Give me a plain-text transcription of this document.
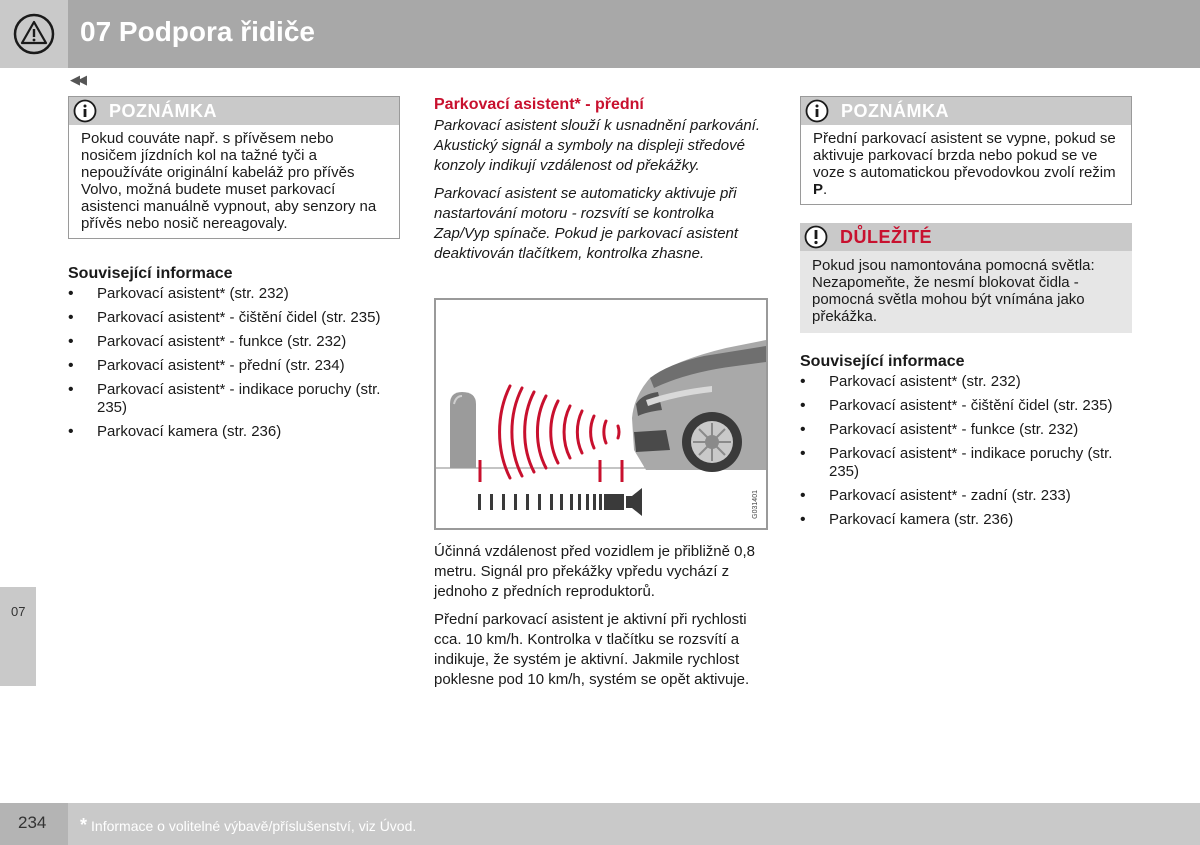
07 Podpora řidiče
◀◀
07
POZNÁMKA
Pokud couváte např. s přívěsem nebo nosičem jízdních kol na tažné tyči a nepoužíváte originální kabeláž pro přívěs Volvo, možná budete muset parkovací asistenci manuálně vypnout, aby senzory na přívěs nebo nosič nereagovaly.
Související informace
• Parkovací asistent* (str. 232)
• Parkovací asistent* - čištění čidel (str. 235)
• Parkovací asistent* - funkce (str. 232)
• Parkovací asistent* - přední (str. 234)
• Parkovací asistent* - indikace poruchy (str. 235)
• Parkovací kamera (str. 236)
Parkovací asistent* - přední
Parkovací asistent slouží k usnadnění parkování. Akustický signál a symboly na displeji středové konzoly indikují vzdálenost od překážky.
Parkovací asistent se automaticky aktivuje při nastartování motoru - rozsvítí se kontrolka Zap/Vyp spínače. Pokud je parkovací asistent deaktivován tlačítkem, kontrolka zhasne.
G031401
Účinná vzdálenost před vozidlem je přibližně 0,8 metru. Signál pro překážky vpředu vychází z jednoho z předních reproduktorů.
Přední parkovací asistent je aktivní při rychlosti cca. 10 km/h. Kontrolka v tlačítku se rozsvítí a indikuje, že systém je aktivní. Jakmile rychlost poklesne pod 10 km/h, systém se opět aktivuje.
POZNÁMKA
Přední parkovací asistent se vypne, pokud se aktivuje parkovací brzda nebo pokud se ve voze s automatickou převodovkou zvolí režim P.
DŮLEŽITÉ
Pokud jsou namontována pomocná světla: Nezapomeňte, že nesmí blokovat čidla - pomocná světla mohou být vnímána jako překážka.
Související informace
• Parkovací asistent* (str. 232)
• Parkovací asistent* - čištění čidel (str. 235)
• Parkovací asistent* - funkce (str. 232)
• Parkovací asistent* - indikace poruchy (str. 235)
• Parkovací asistent* - zadní (str. 233)
• Parkovací kamera (str. 236)
234 * Informace o volitelné výbavě/příslušenství, viz Úvod.
